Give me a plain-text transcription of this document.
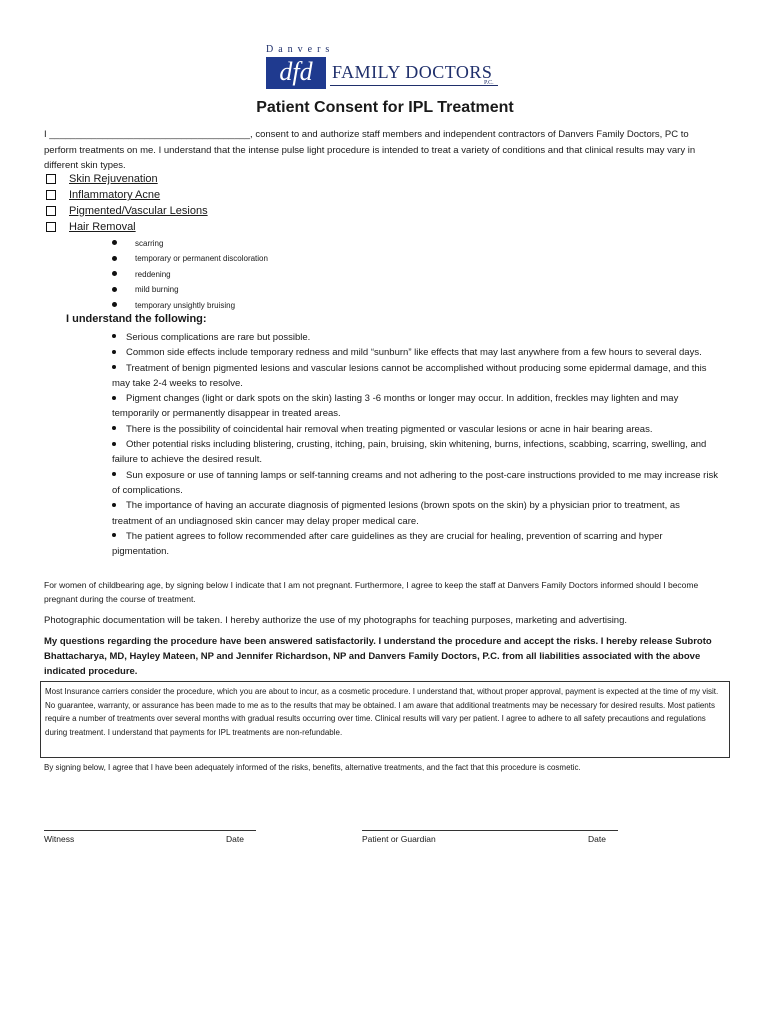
Danvers
dfd	FAMILY DOCTORS
P.C.
Patient Consent for IPL Treatment
I ______________________________________, consent to and authorize staff members and independent contractors of Danvers Family Doctors, PC to perform treatments on me. I understand that the intense pulse light procedure is intended to treat a variety of conditions and that clinical results may vary in different skin types.
Skin Rejuvenation
Inflammatory Acne
Pigmented/Vascular Lesions
Hair Removal
scarring
temporary or permanent discoloration
reddening
mild burning
temporary unsightly bruising
I understand the following:
Serious complications are rare but possible.
Common side effects include temporary redness and mild “sunburn” like effects that may last anywhere from a few hours to several days.
Treatment of benign pigmented lesions and vascular lesions cannot be accomplished without producing some epidermal damage, and this may take 2-4 weeks to resolve.
Pigment changes (light or dark spots on the skin) lasting 3 -6 months or longer may occur. In addition, freckles may lighten and may temporarily or permanently disappear in treated areas.
There is the possibility of coincidental hair removal when treating pigmented or vascular lesions or acne in hair bearing areas.
Other potential risks including blistering, crusting, itching, pain, bruising, skin whitening, burns, infections, scabbing, scarring, swelling, and failure to achieve the desired result.
Sun exposure or use of tanning lamps or self-tanning creams and not adhering to the post-care instructions provided to me may increase risk of complications.
The importance of having an accurate diagnosis of pigmented lesions (brown spots on the skin) by a physician prior to treatment, as treatment of an undiagnosed skin cancer may delay proper medical care.
The patient agrees to follow recommended after care guidelines as they are crucial for healing, prevention of scarring and hyper pigmentation.
For women of childbearing age, by signing below I indicate that I am not pregnant. Furthermore, I agree to keep the staff at Danvers Family Doctors informed should I become pregnant during the course of treatment.
Photographic documentation will be taken. I hereby authorize the use of my photographs for teaching purposes, marketing and advertising.
My questions regarding the procedure have been answered satisfactorily. I understand the procedure and accept the risks. I hereby release Subroto Bhattacharya, MD, Hayley Mateen, NP and Jennifer Richardson, NP and Danvers Family Doctors, P.C. from all liabilities associated with the above indicated procedure.
Most Insurance carriers consider the procedure, which you are about to incur, as a cosmetic procedure. I understand that, without proper approval, payment is expected at the time of my visit.
No guarantee, warranty, or assurance has been made to me as to the results that may be obtained. I am aware that additional treatments may be necessary for desired results. Most patients require a number of treatments over several months with gradual results occurring over time. Clinical results will vary per patient. I agree to adhere to all safety precautions and regulations during treatment. I understand that payments for IPL treatments are non-refundable.
By signing below, I agree that I have been adequately informed of the risks, benefits, alternative treatments, and the fact that this procedure is cosmetic.
Witness	Date	Patient or Guardian	Date
